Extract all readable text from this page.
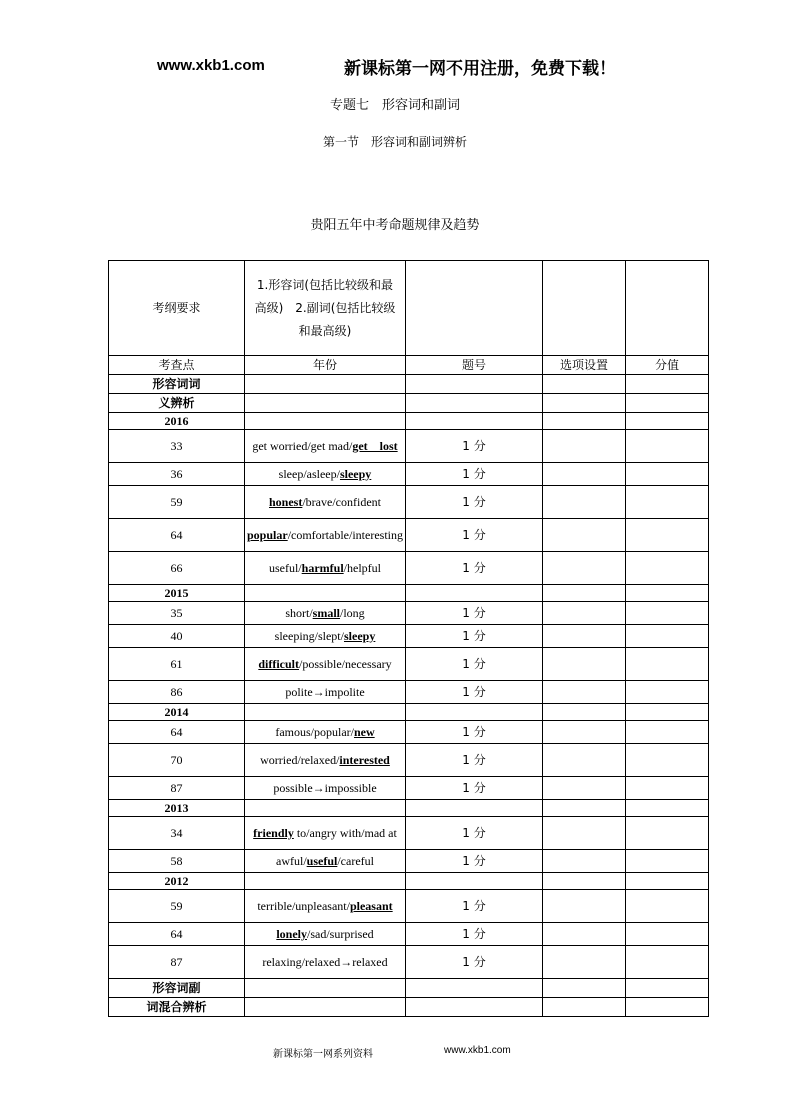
www.xkb1.com	新课标第一网不用注册，免费下载！
专题七　形容词和副词
第一节　形容词和副词辨析
贵阳五年中考命题规律及趋势
考纲要求	1.形容词(包括比较级和最高级)　2.副词(包括比较级和最高级)			
考查点	年份	题号	选项设置	分值
形容词词				
义辨析				
2016				
33	get worried/get mad/get　lost	1 分		
36	sleep/asleep/sleepy	1 分		
59	honest/brave/confident	1 分		
64	popular/comfortable/interesting	1 分		
66	useful/harmful/helpful	1 分		
2015				
35	short/small/long	1 分		
40	sleeping/slept/sleepy	1 分		
61	difficult/possible/necessary	1 分		
86	polite→impolite	1 分		
2014				
64	famous/popular/new	1 分		
70	worried/relaxed/interested	1 分		
87	possible→impossible	1 分		
2013				
34	friendly to/angry with/mad at	1 分		
58	awful/useful/careful	1 分		
2012				
59	terrible/unpleasant/pleasant	1 分		
64	lonely/sad/surprised	1 分		
87	relaxing/relaxed→relaxed	1 分		
形容词副				
词混合辨析				
新课标第一网系列资料	www.xkb1.com
